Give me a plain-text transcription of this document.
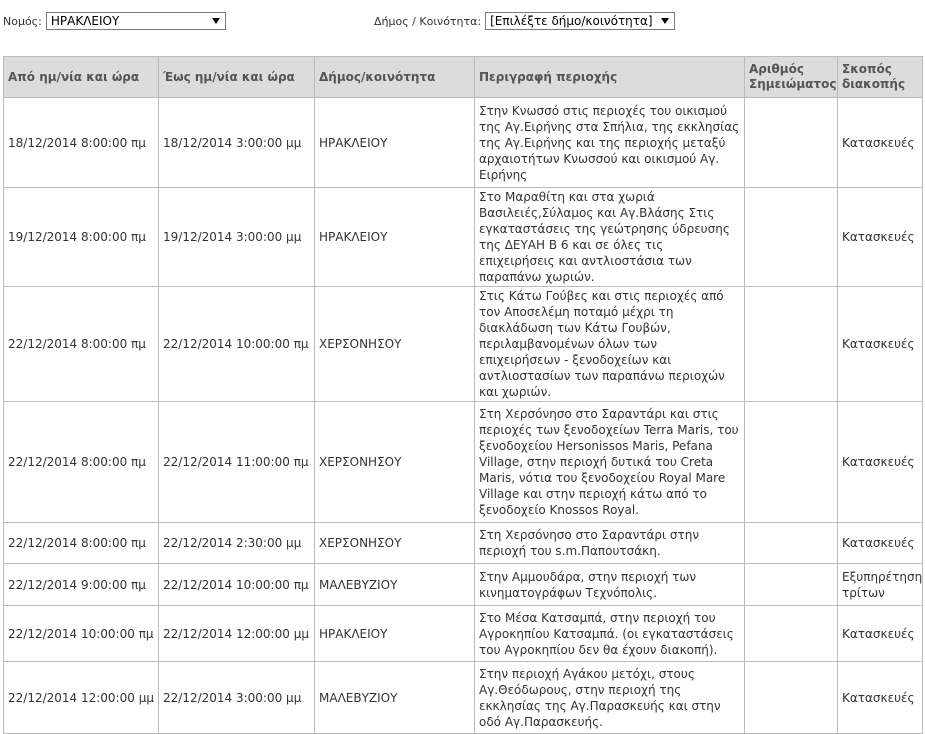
Νομός: ΗΡΑΚΛΕΙΟΥ	Δήμος / Κοινότητα: [Επιλέξτε δήμο/κοινότητα]
Από ημ/νία και ώρα	Έως ημ/νία και ώρα	Δήμος/κοινότητα	Περιγραφή περιοχής	Αριθμός Σημειώματος	Σκοπός διακοπής
18/12/2014 8:00:00 πμ	18/12/2014 3:00:00 μμ	ΗΡΑΚΛΕΙΟΥ	Στην Κνωσσό στις περιοχές του οικισμού της Αγ.Ειρήνης στα Σπήλια, της εκκλησίας της Αγ.Ειρήνης και της περιοχής μεταξύ αρχαιοτήτων Κνωσσού και οικισμού Αγ. Ειρήνης		Κατασκευές
19/12/2014 8:00:00 πμ	19/12/2014 3:00:00 μμ	ΗΡΑΚΛΕΙΟΥ	Στο Μαραθίτη και στα χωριά Βασιλειές,Σύλαμος και Αγ.Βλάσης Στις εγκαταστάσεις της γεώτρησης ύδρευσης της ΔΕΥΑΗ Β 6 και σε όλες τις επιχειρήσεις και αντλιοστάσια των παραπάνω χωριών.		Κατασκευές
22/12/2014 8:00:00 πμ	22/12/2014 10:00:00 πμ	ΧΕΡΣΟΝΗΣΟΥ	Στις Κάτω Γούβες και στις περιοχές από τον Αποσελέμη ποταμό μέχρι τη διακλάδωση των Κάτω Γουβών, περιλαμβανομένων όλων των επιχειρήσεων - ξενοδοχείων και αντλιοστασίων των παραπάνω περιοχών και χωριών.		Κατασκευές
22/12/2014 8:00:00 πμ	22/12/2014 11:00:00 πμ	ΧΕΡΣΟΝΗΣΟΥ	Στη Χερσόνησο στο Σαραντάρι και στις περιοχές των ξενοδοχείων Terra Maris, του ξενοδοχείου Hersonissos Maris, Pefana Village, στην περιοχή δυτικά του Creta Maris, νότια του ξενοδοχείου Royal Mare Village και στην περιοχή κάτω από το ξενοδοχείο Knossos Royal.		Κατασκευές
22/12/2014 8:00:00 πμ	22/12/2014 2:30:00 μμ	ΧΕΡΣΟΝΗΣΟΥ	Στη Χερσόνησο στο Σαραντάρι στην περιοχή του s.m.Παπουτσάκη.		Κατασκευές
22/12/2014 9:00:00 πμ	22/12/2014 10:00:00 πμ	ΜΑΛΕΒΥΖΙΟΥ	Στην Αμμουδάρα, στην περιοχή των κινηματογράφων Τεχνόπολις.		Εξυπηρέτηση τρίτων
22/12/2014 10:00:00 πμ	22/12/2014 12:00:00 μμ	ΗΡΑΚΛΕΙΟΥ	Στο Μέσα Κατσαμπά, στην περιοχή του Αγροκηπίου Κατσαμπά. (οι εγκαταστάσεις του Αγροκηπίου δεν θα έχουν διακοπή).		Κατασκευές
22/12/2014 12:00:00 μμ	22/12/2014 3:00:00 μμ	ΜΑΛΕΒΥΖΙΟΥ	Στην περιοχή Αγάκου μετόχι, στους Αγ.Θεόδωρους, στην περιοχή της εκκλησίας της Αγ.Παρασκευής και στην οδό Αγ.Παρασκευής.		Κατασκευές
